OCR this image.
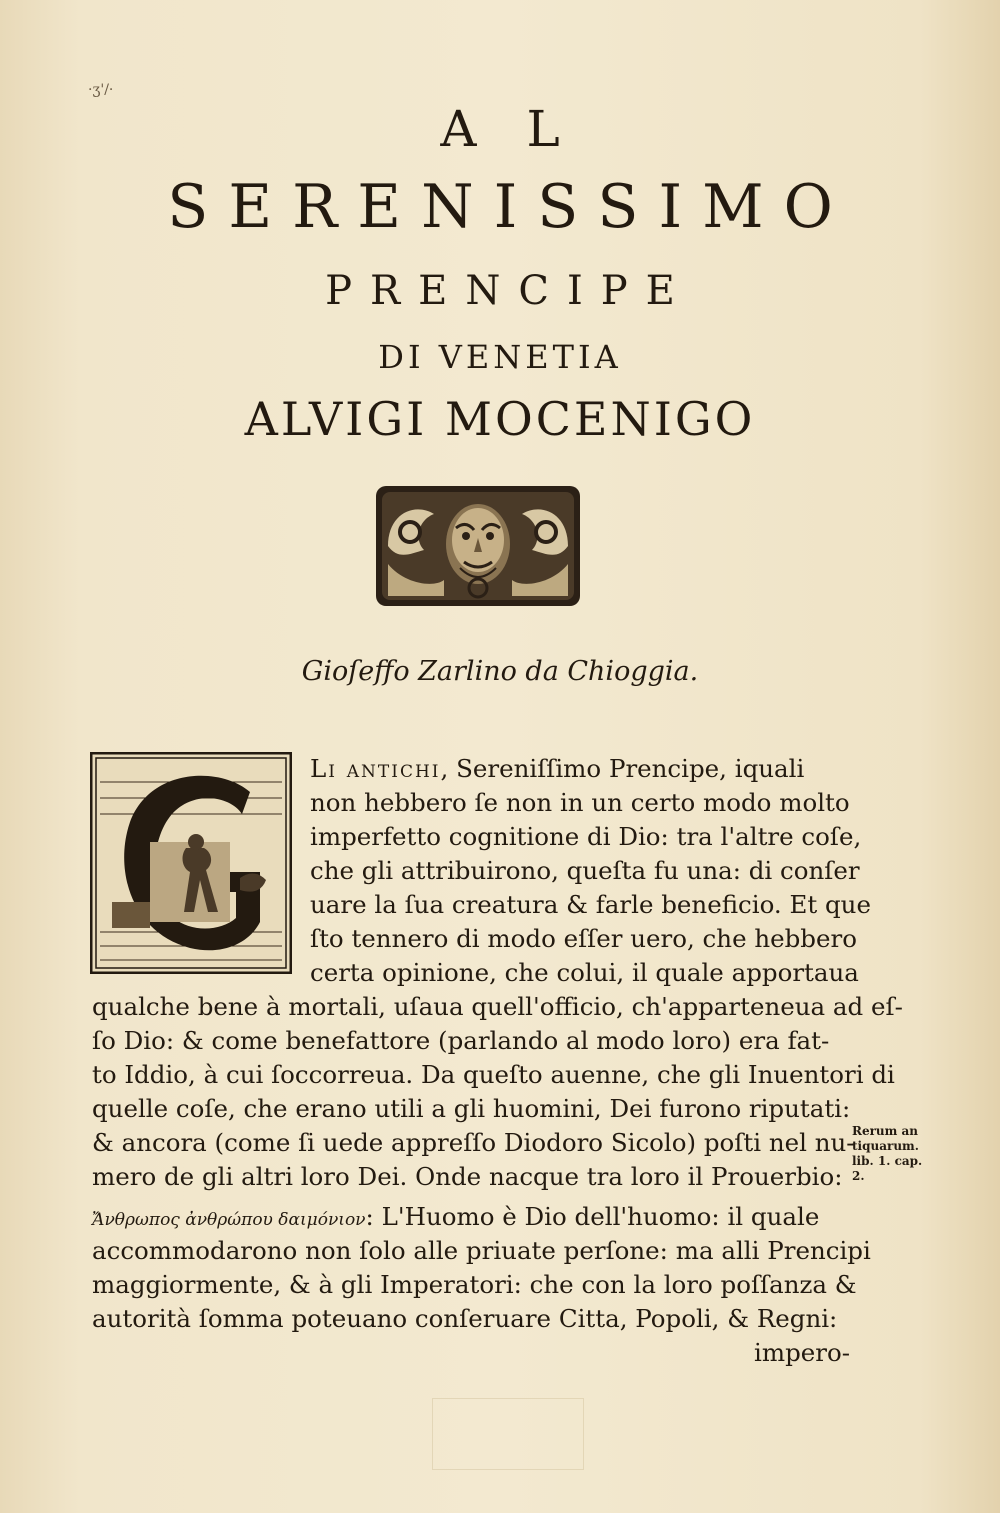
·ʒ'/·
AL
SERENISSIMO
PRENCIPE
DI VENETIA
ALVIGI MOCENIGO
Gioſeffo Zarlino da Chioggia.
Li antichi, Sereniſſimo Prencipe, iquali
non hebbero ſe non in un certo modo molto
imperfetto cognitione di Dio: tra l'altre coſe,
che gli attribuirono, queſta fu una: di conſer
uare la ſua creatura & farle beneficio. Et que
ſto tennero di modo eſſer uero, che hebbero
certa opinione, che colui, il quale apportaua
qualche bene à mortali, uſaua quell'officio, ch'apparteneua ad eſ-
ſo Dio: & come benefattore (parlando al modo loro) era fat-
to Iddio, à cui ſoccorreua. Da queſto auenne, che gli Inuentori di
quelle coſe, che erano utili a gli huomini, Dei furono riputati:
& ancora (come ſi uede appreſſo Diodoro Sicolo) poſti nel nu-
mero de gli altri loro Dei. Onde nacque tra loro il Prouerbio:
Ἄνθρωπος ἀνθρώπου δαιμόνιον: L'Huomo è Dio dell'huomo: il quale
accommodarono non ſolo alle priuate perſone: ma alli Prencipi
maggiormente, & à gli Imperatori: che con la loro poſſanza &
autorità ſomma poteuano conſeruare Citta, Popoli, & Regni:
impero-
Rerum an
tiquarum.
lib. 1. cap.
2.
